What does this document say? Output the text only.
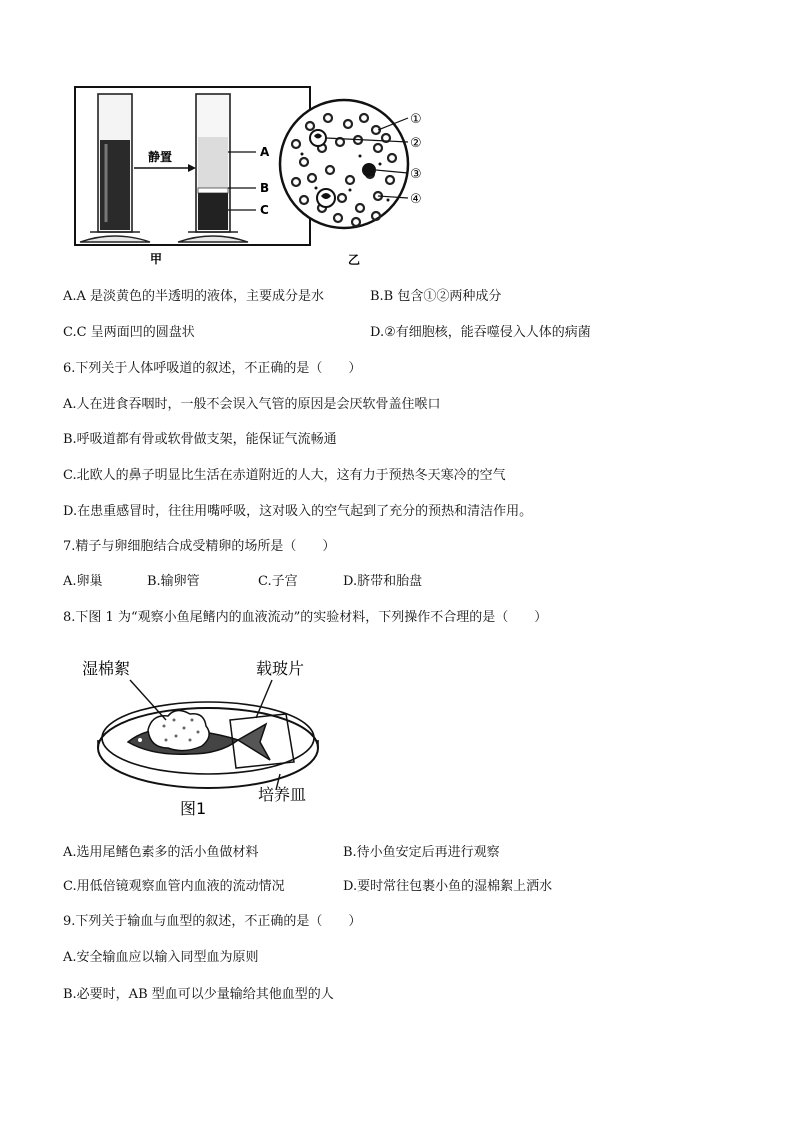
静置	A
B
C
甲
①
②
③
④
乙
A.A 是淡黄色的半透明的液体，主要成分是水	B.B 包含①②两种成分
C.C 呈两面凹的圆盘状	D.②有细胞核，能吞噬侵入人体的病菌
6.下列关于人体呼吸道的叙述，不正确的是（　　）
A.人在进食吞咽时，一般不会误入气管的原因是会厌软骨盖住喉口
B.呼吸道都有骨或软骨做支架，能保证气流畅通
C.北欧人的鼻子明显比生活在赤道附近的人大，这有力于预热冬天寒冷的空气
D.在患重感冒时，往往用嘴呼吸，这对吸入的空气起到了充分的预热和清洁作用。
7.精子与卵细胞结合成受精卵的场所是（　　）
A.卵巢	B.输卵管	C.子宫	D.脐带和胎盘
8.下图 1 为“观察小鱼尾鳍内的血液流动”的实验材料，下列操作不合理的是（　　）
湿棉絮	载玻片
培养皿
图1
A.选用尾鳍色素多的活小鱼做材料	B.待小鱼安定后再进行观察
C.用低倍镜观察血管内血液的流动情况	D.要时常往包裹小鱼的湿棉絮上洒水
9.下列关于输血与血型的叙述，不正确的是（　　）
A.安全输血应以输入同型血为原则
B.必要时，AB 型血可以少量输给其他血型的人
